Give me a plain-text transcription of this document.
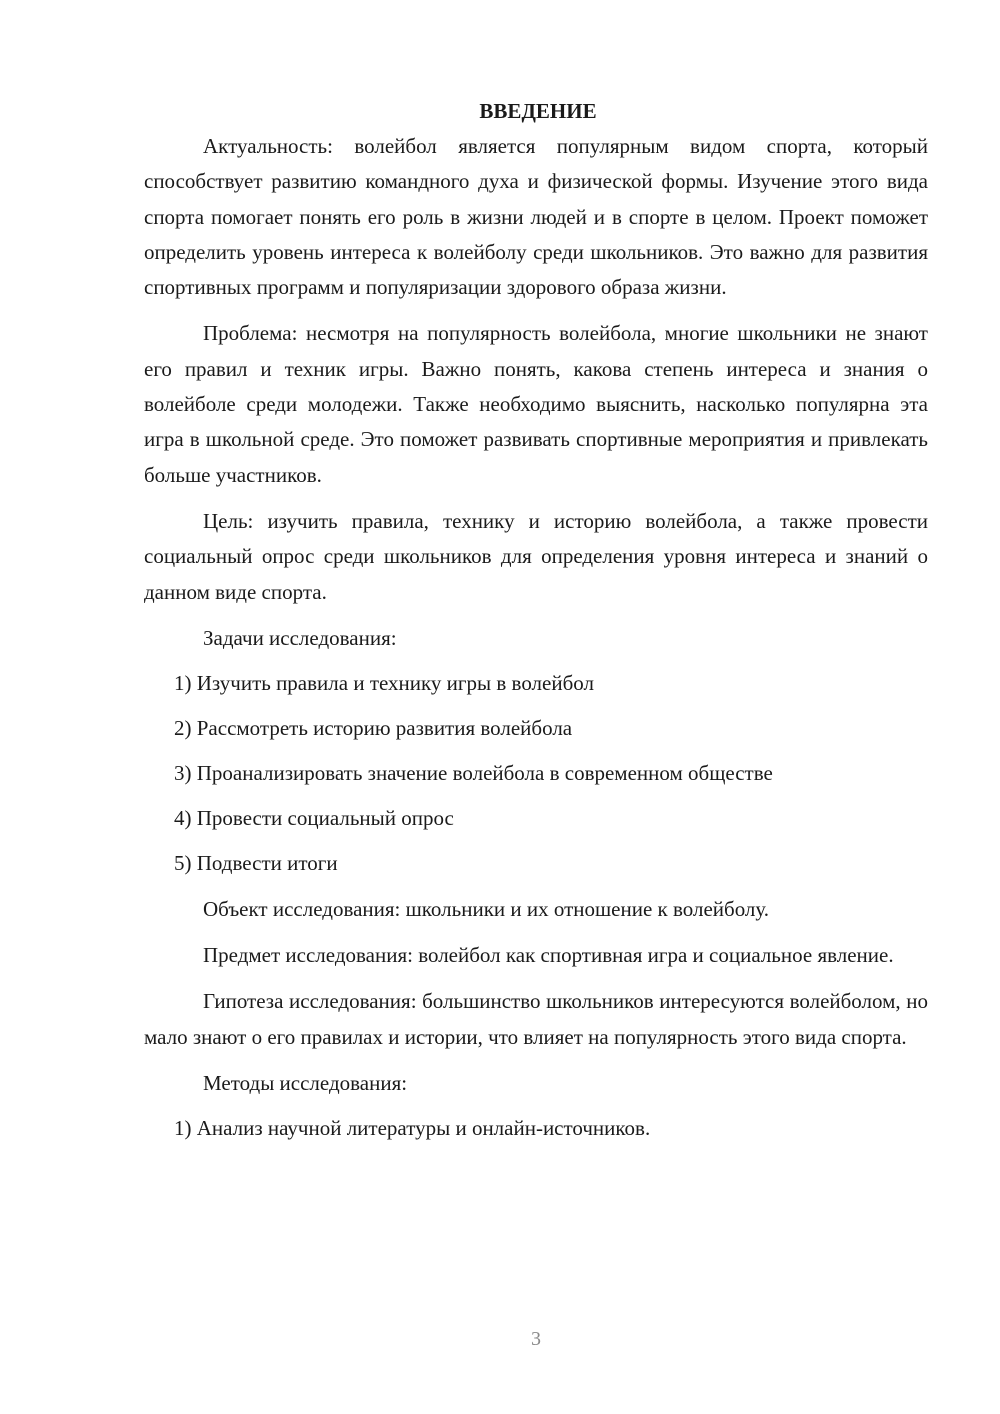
ВВЕДЕНИЕ

Актуальность: волейбол является популярным видом спорта, который способствует развитию командного духа и физической формы. Изучение этого вида спорта помогает понять его роль в жизни людей и в спорте в целом. Проект поможет определить уровень интереса к волейболу среди школьников. Это важно для развития спортивных программ и популяризации здорового образа жизни.

Проблема: несмотря на популярность волейбола, многие школьники не знают его правил и техник игры. Важно понять, какова степень интереса и знания о волейболе среди молодежи. Также необходимо выяснить, насколько популярна эта игра в школьной среде. Это поможет развивать спортивные мероприятия и привлекать больше участников.

Цель: изучить правила, технику и историю волейбола, а также провести социальный опрос среди школьников для определения уровня интереса и знаний о данном виде спорта.

Задачи исследования:

1) Изучить правила и технику игры в волейбол
2) Рассмотреть историю развития волейбола
3) Проанализировать значение волейбола в современном обществе
4) Провести социальный опрос
5) Подвести итоги

Объект исследования: школьники и их отношение к волейболу.

Предмет исследования: волейбол как спортивная игра и социальное явление.

Гипотеза исследования: большинство школьников интересуются волейболом, но мало знают о его правилах и истории, что влияет на популярность этого вида спорта.

Методы исследования:

1) Анализ научной литературы и онлайн-источников.
3
